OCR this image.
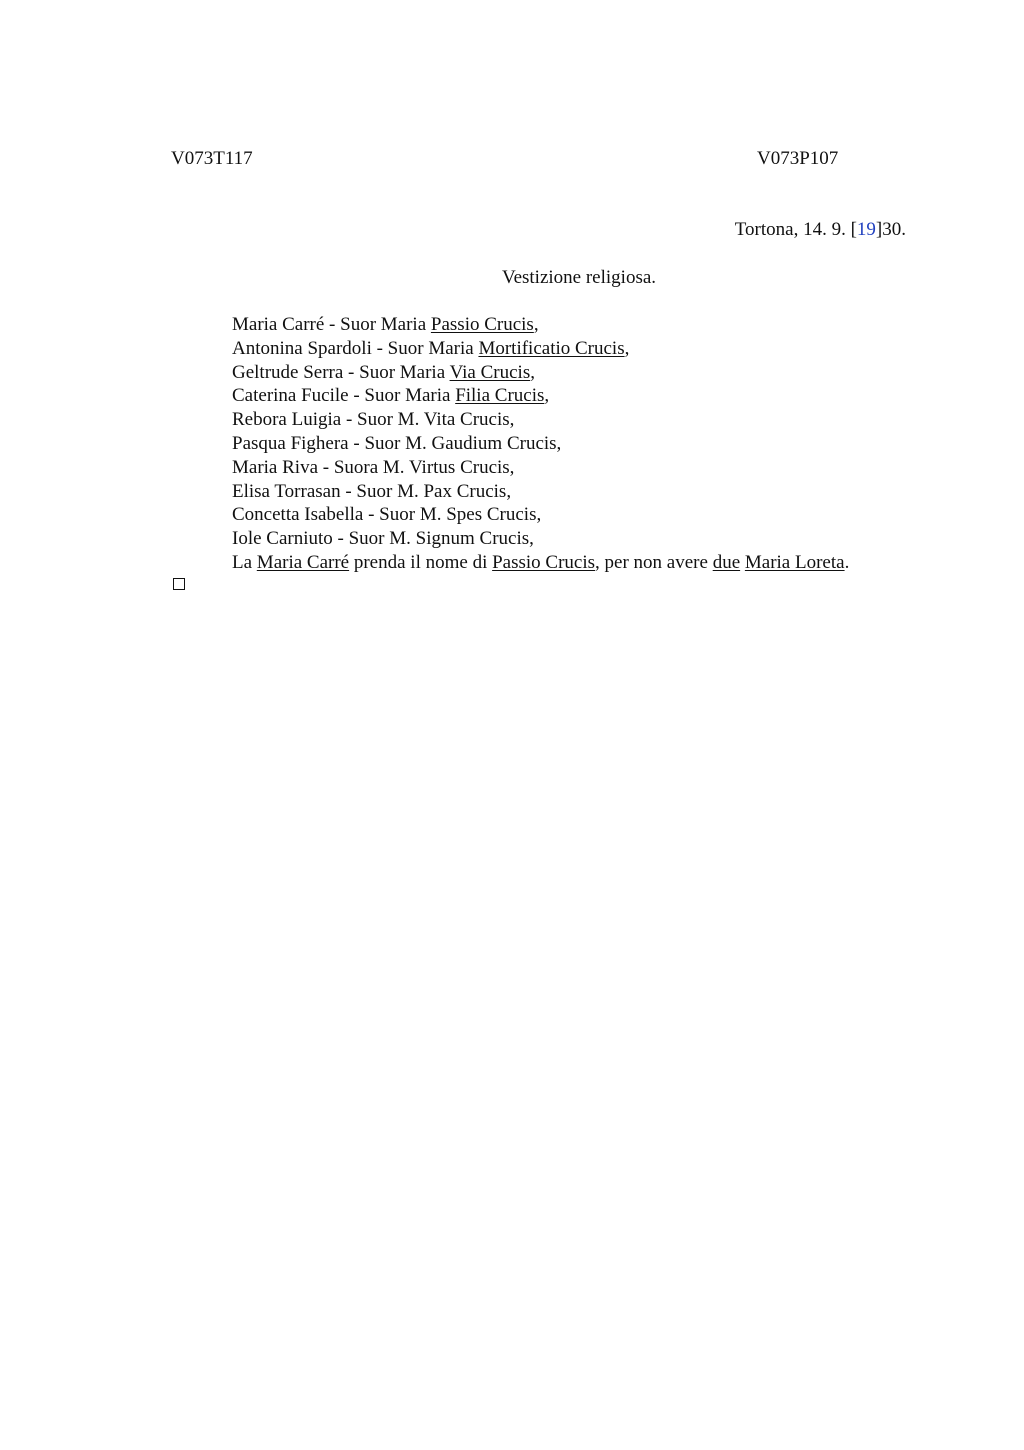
V073T117	V073P107
Tortona, 14. 9. [19]30.
Vestizione religiosa.
Maria Carré - Suor Maria Passio Crucis,
Antonina Spardoli - Suor Maria Mortificatio Crucis,
Geltrude Serra - Suor Maria Via Crucis,
Caterina Fucile - Suor Maria Filia Crucis,
Rebora Luigia - Suor M. Vita Crucis,
Pasqua Fighera - Suor M. Gaudium Crucis,
Maria Riva - Suora M. Virtus Crucis,
Elisa Torrasan - Suor M. Pax Crucis,
Concetta Isabella - Suor M. Spes Crucis,
Iole Carniuto - Suor M. Signum Crucis,
La Maria Carré prenda il nome di Passio Crucis, per non avere due Maria Loreta.
